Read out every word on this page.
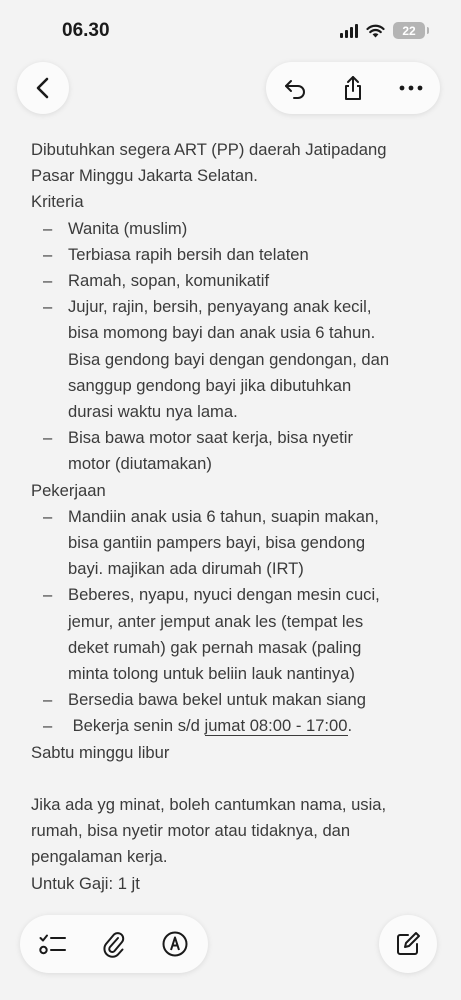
06.30	22
Dibutuhkan segera ART (PP) daerah Jatipadang
Pasar Minggu Jakarta Selatan.
Kriteria
– Wanita (muslim)
– Terbiasa rapih bersih dan telaten
– Ramah, sopan, komunikatif
– Jujur, rajin, bersih, penyayang anak kecil,
bisa momong bayi dan anak usia 6 tahun.
Bisa gendong bayi dengan gendongan, dan
sanggup gendong bayi jika dibutuhkan
durasi waktu nya lama.
– Bisa bawa motor saat kerja, bisa nyetir
motor (diutamakan)
Pekerjaan
– Mandiin anak usia 6 tahun, suapin makan,
bisa gantiin pampers bayi, bisa gendong
bayi. majikan ada dirumah (IRT)
– Beberes, nyapu, nyuci dengan mesin cuci,
jemur, anter jemput anak les (tempat les
deket rumah) gak pernah masak (paling
minta tolong untuk beliin lauk nantinya)
– Bersedia bawa bekel untuk makan siang
– Bekerja senin s/d jumat 08:00 - 17:00.
Sabtu minggu libur
Jika ada yg minat, boleh cantumkan nama, usia,
rumah, bisa nyetir motor atau tidaknya, dan
pengalaman kerja.
Untuk Gaji: 1 jt
